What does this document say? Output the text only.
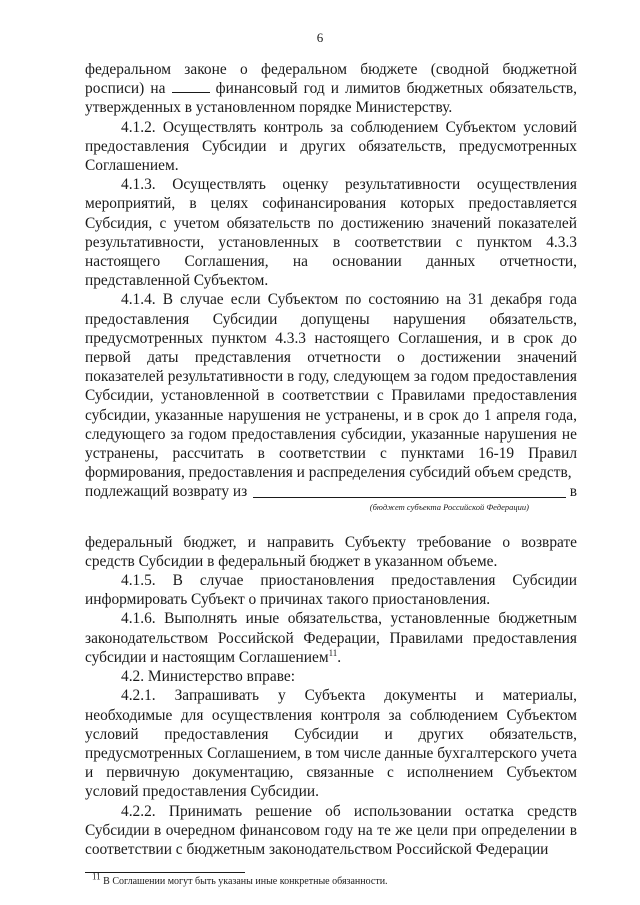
6

федеральном законе о федеральном бюджете (сводной бюджетной росписи) на	финансовый год и лимитов бюджетных обязательств, утвержденных в установленном порядке Министерству.

4.1.2. Осуществлять контроль за соблюдением Субъектом условий предоставления Субсидии и других обязательств, предусмотренных Соглашением.

4.1.3. Осуществлять оценку результативности осуществления мероприятий, в целях софинансирования которых предоставляется Субсидия, с учетом обязательств по достижению значений показателей результативности, установленных в соответствии с пунктом 4.3.3 настоящего Соглашения, на основании данных отчетности, представленной Субъектом.

4.1.4. В случае если Субъектом по состоянию на 31 декабря года предоставления Субсидии допущены нарушения обязательств, предусмотренных пунктом 4.3.3 настоящего Соглашения, и в срок до первой даты представления отчетности о достижении значений показателей результативности в году, следующем за годом предоставления Субсидии, установленной в соответствии с Правилами предоставления субсидии, указанные нарушения не устранены, и в срок до 1 апреля года, следующего за годом предоставления субсидии, указанные нарушения не устранены, рассчитать в соответствии с пунктами 16-19 Правил формирования, предоставления и распределения субсидий объем средств,

подлежащий возврату из	в
(бюджет субъекта Российской Федерации)

федеральный бюджет, и направить Субъекту требование о возврате средств Субсидии в федеральный бюджет в указанном объеме.

4.1.5. В случае приостановления предоставления Субсидии информировать Субъект о причинах такого приостановления.

4.1.6. Выполнять иные обязательства, установленные бюджетным законодательством Российской Федерации, Правилами предоставления субсидии и настоящим Соглашением$^{11}$.

4.2. Министерство вправе:

4.2.1. Запрашивать у Субъекта документы и материалы, необходимые для осуществления контроля за соблюдением Субъектом условий предоставления Субсидии и других обязательств, предусмотренных Соглашением, в том числе данные бухгалтерского учета и первичную документацию, связанные с исполнением Субъектом условий предоставления Субсидии.

4.2.2. Принимать решение об использовании остатка средств Субсидии в очередном финансовом году на те же цели при определении в соответствии с бюджетным законодательством Российской Федерации

$^{11}$ В Соглашении могут быть указаны иные конкретные обязанности.
